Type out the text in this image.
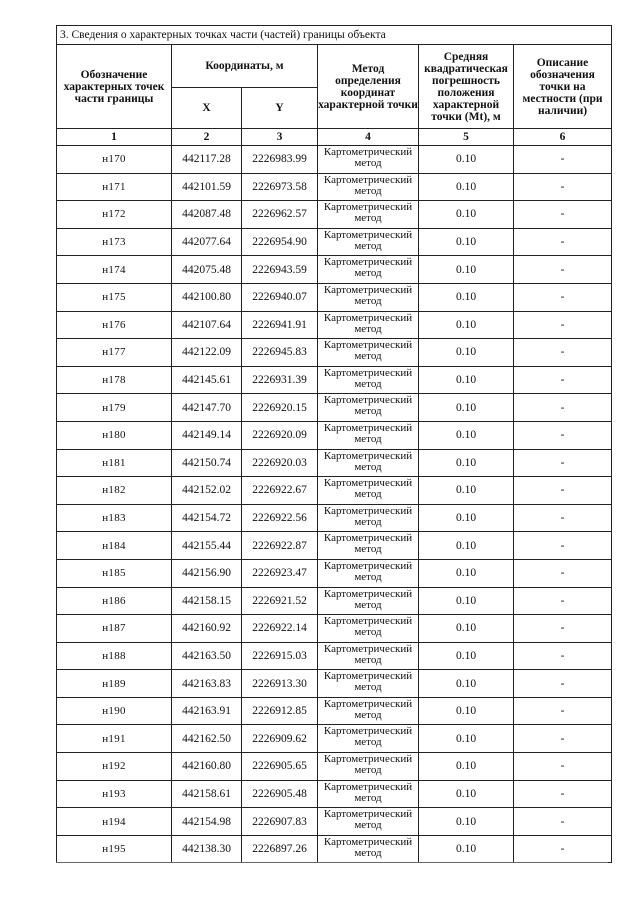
3. Сведения о характерных точках части (частей) границы объекта					
Обозначение характерных точек части границы	Координаты, м		Метод определения координат характерной точки	Средняя квадратическая погрешность положения характерной точки (Mt), м	Описание обозначения точки на местности (при наличии)
	X	Y			
1	2	3	4	5	6
н170	442117.28	2226983.99	Картометрический метод	0.10	-
н171	442101.59	2226973.58	Картометрический метод	0.10	-
н172	442087.48	2226962.57	Картометрический метод	0.10	-
н173	442077.64	2226954.90	Картометрический метод	0.10	-
н174	442075.48	2226943.59	Картометрический метод	0.10	-
н175	442100.80	2226940.07	Картометрический метод	0.10	-
н176	442107.64	2226941.91	Картометрический метод	0.10	-
н177	442122.09	2226945.83	Картометрический метод	0.10	-
н178	442145.61	2226931.39	Картометрический метод	0.10	-
н179	442147.70	2226920.15	Картометрический метод	0.10	-
н180	442149.14	2226920.09	Картометрический метод	0.10	-
н181	442150.74	2226920.03	Картометрический метод	0.10	-
н182	442152.02	2226922.67	Картометрический метод	0.10	-
н183	442154.72	2226922.56	Картометрический метод	0.10	-
н184	442155.44	2226922.87	Картометрический метод	0.10	-
н185	442156.90	2226923.47	Картометрический метод	0.10	-
н186	442158.15	2226921.52	Картометрический метод	0.10	-
н187	442160.92	2226922.14	Картометрический метод	0.10	-
н188	442163.50	2226915.03	Картометрический метод	0.10	-
н189	442163.83	2226913.30	Картометрический метод	0.10	-
н190	442163.91	2226912.85	Картометрический метод	0.10	-
н191	442162.50	2226909.62	Картометрический метод	0.10	-
н192	442160.80	2226905.65	Картометрический метод	0.10	-
н193	442158.61	2226905.48	Картометрический метод	0.10	-
н194	442154.98	2226907.83	Картометрический метод	0.10	-
н195	442138.30	2226897.26	Картометрический метод	0.10	-
